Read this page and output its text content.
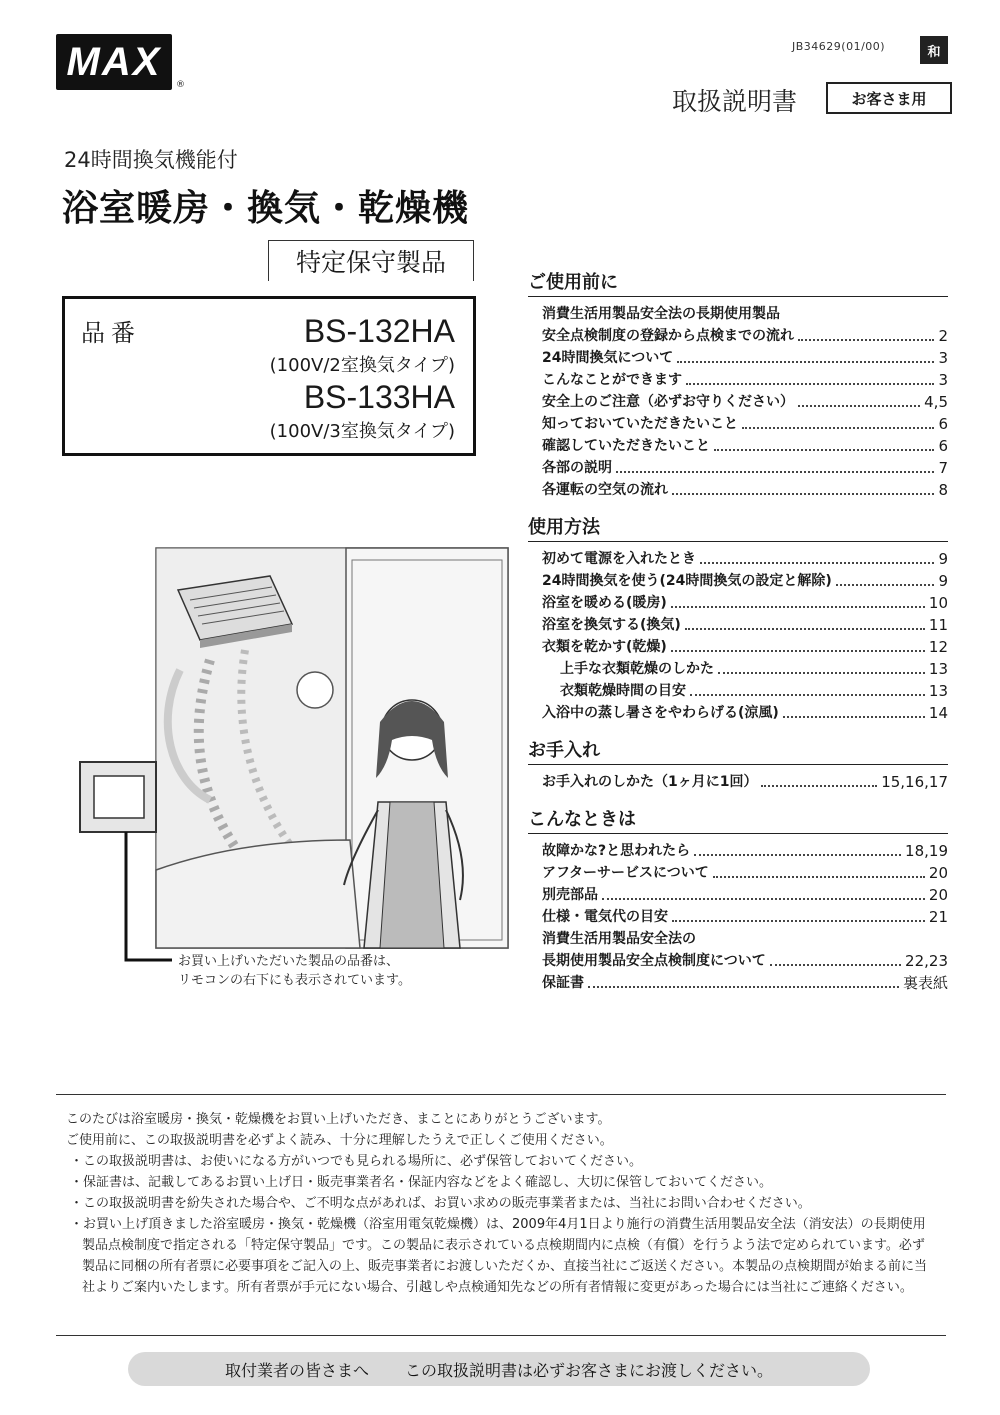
MAX
®
JB34629(01/00)	和
取扱説明書	お客さま用
24時間換気機能付
浴室暖房・換気・乾燥機
特定保守製品
品番	BS-132HA
(100V/2室換気タイプ)
BS-133HA
(100V/3室換気タイプ)
お買い上げいただいた製品の品番は、
リモコンの右下にも表示されています。
ご使用前に
消費生活用製品安全法の長期使用製品
安全点検制度の登録から点検までの流れ	2
24時間換気について	3
こんなことができます	3
安全上のご注意（必ずお守りください）	4,5
知っておいていただきたいこと	6
確認していただきたいこと	6
各部の説明	7
各運転の空気の流れ	8
使用方法
初めて電源を入れたとき	9
24時間換気を使う(24時間換気の設定と解除)	9
浴室を暖める(暖房)	10
浴室を換気する(換気)	11
衣類を乾かす(乾燥)	12
上手な衣類乾燥のしかた	13
衣類乾燥時間の目安	13
入浴中の蒸し暑さをやわらげる(涼風)	14
お手入れ
お手入れのしかた（1ヶ月に1回）	15,16,17
こんなときは
故障かな?と思われたら	18,19
アフターサービスについて	20
別売部品	20
仕様・電気代の目安	21
消費生活用製品安全法の
長期使用製品安全点検制度について	22,23
保証書	裏表紙

このたびは浴室暖房・換気・乾燥機をお買い上げいただき、まことにありがとうございます。

ご使用前に、この取扱説明書を必ずよく読み、十分に理解したうえで正しくご使用ください。

・この取扱説明書は、お使いになる方がいつでも見られる場所に、必ず保管しておいてください。

・保証書は、記載してあるお買い上げ日・販売事業者名・保証内容などをよく確認し、大切に保管しておいてください。

・この取扱説明書を紛失された場合や、ご不明な点があれば、お買い求めの販売事業者または、当社にお問い合わせください。

・お買い上げ頂きました浴室暖房・換気・乾燥機（浴室用電気乾燥機）は、2009年4月1日より施行の消費生活用製品安全法（消安法）の長期使用製品点検制度で指定される「特定保守製品」です。この製品に表示されている点検期間内に点検（有償）を行うよう法で定められています。必ず製品に同梱の所有者票に必要事項をご記入の上、販売事業者にお渡しいただくか、直接当社にご返送ください。本製品の点検期間が始まる前に当社よりご案内いたします。所有者票が手元にない場合、引越しや点検通知先などの所有者情報に変更があった場合には当社にご連絡ください。

取付業者の皆さまへ この取扱説明書は必ずお客さまにお渡しください。
